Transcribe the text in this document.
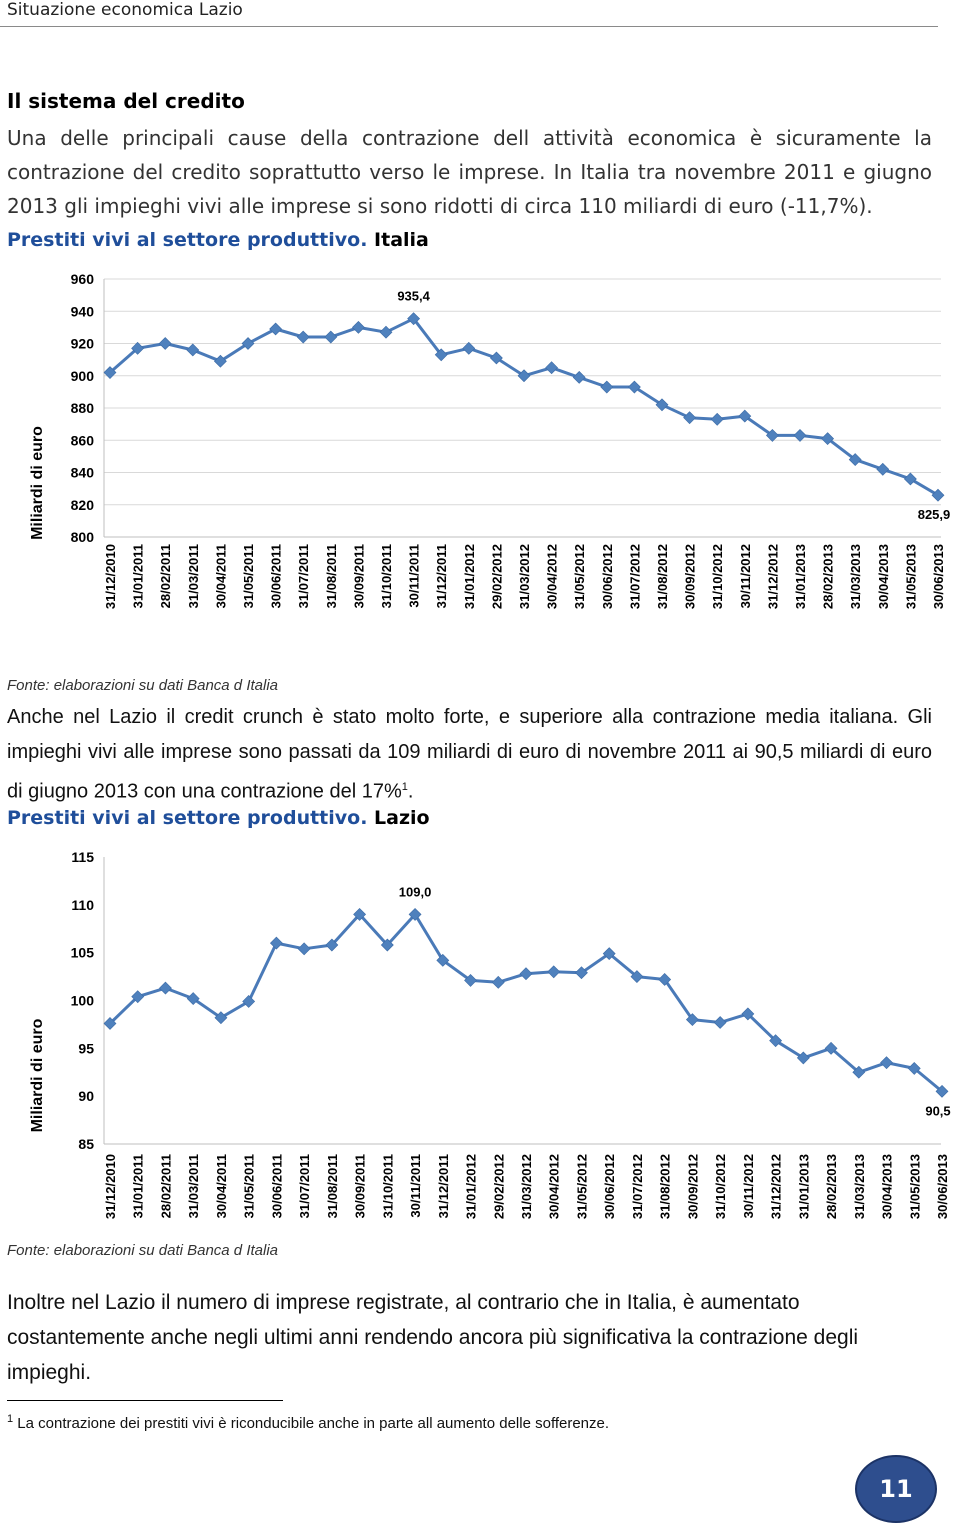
Situazione economica Lazio
Il sistema del credito
Una delle principali cause della contrazione dell attività economica è sicuramente la contrazione del credito soprattutto verso le imprese. In Italia tra novembre 2011 e giugno 2013 gli impieghi vivi alle imprese si sono ridotti di circa 110 miliardi di euro (-11,7%).
Prestiti vivi al settore produttivo. Italia
800
820
840
860
880
900
920
940
960
Miliardi di euro
935,4
825,9
31/12/2010 31/01/2011 28/02/2011 31/03/2011 30/04/2011 31/05/2011 30/06/2011 31/07/2011 31/08/2011 30/09/2011 31/10/2011 30/11/2011 31/12/2011 31/01/2012 29/02/2012 31/03/2012 30/04/2012 31/05/2012 30/06/2012 31/07/2012 31/08/2012 30/09/2012 31/10/2012 30/11/2012 31/12/2012 31/01/2013 28/02/2013 31/03/2013 30/04/2013 31/05/2013 30/06/2013
Fonte: elaborazioni su dati Banca d Italia
Anche nel Lazio il credit crunch è stato molto forte, e superiore alla contrazione media italiana. Gli impieghi vivi alle imprese sono passati da 109 miliardi di euro di novembre 2011 ai 90,5 miliardi di euro di giugno 2013 con una contrazione del 17%$^1$.
Prestiti vivi al settore produttivo. Lazio
85
90
95
100
105
110
115
Miliardi di euro
109,0
90,5
31/12/2010 31/01/2011 28/02/2011 31/03/2011 30/04/2011 31/05/2011 30/06/2011 31/07/2011 31/08/2011 30/09/2011 31/10/2011 30/11/2011 31/12/2011 31/01/2012 29/02/2012 31/03/2012 30/04/2012 31/05/2012 30/06/2012 31/07/2012 31/08/2012 30/09/2012 31/10/2012 30/11/2012 31/12/2012 31/01/2013 28/02/2013 31/03/2013 30/04/2013 31/05/2013 30/06/2013
Fonte: elaborazioni su dati Banca d Italia
Inoltre nel Lazio il numero di imprese registrate, al contrario che in Italia, è aumentato costantemente anche negli ultimi anni rendendo ancora più significativa la contrazione degli impieghi.
$^1$ La contrazione dei prestiti vivi è riconducibile anche in parte all aumento delle sofferenze.
11
